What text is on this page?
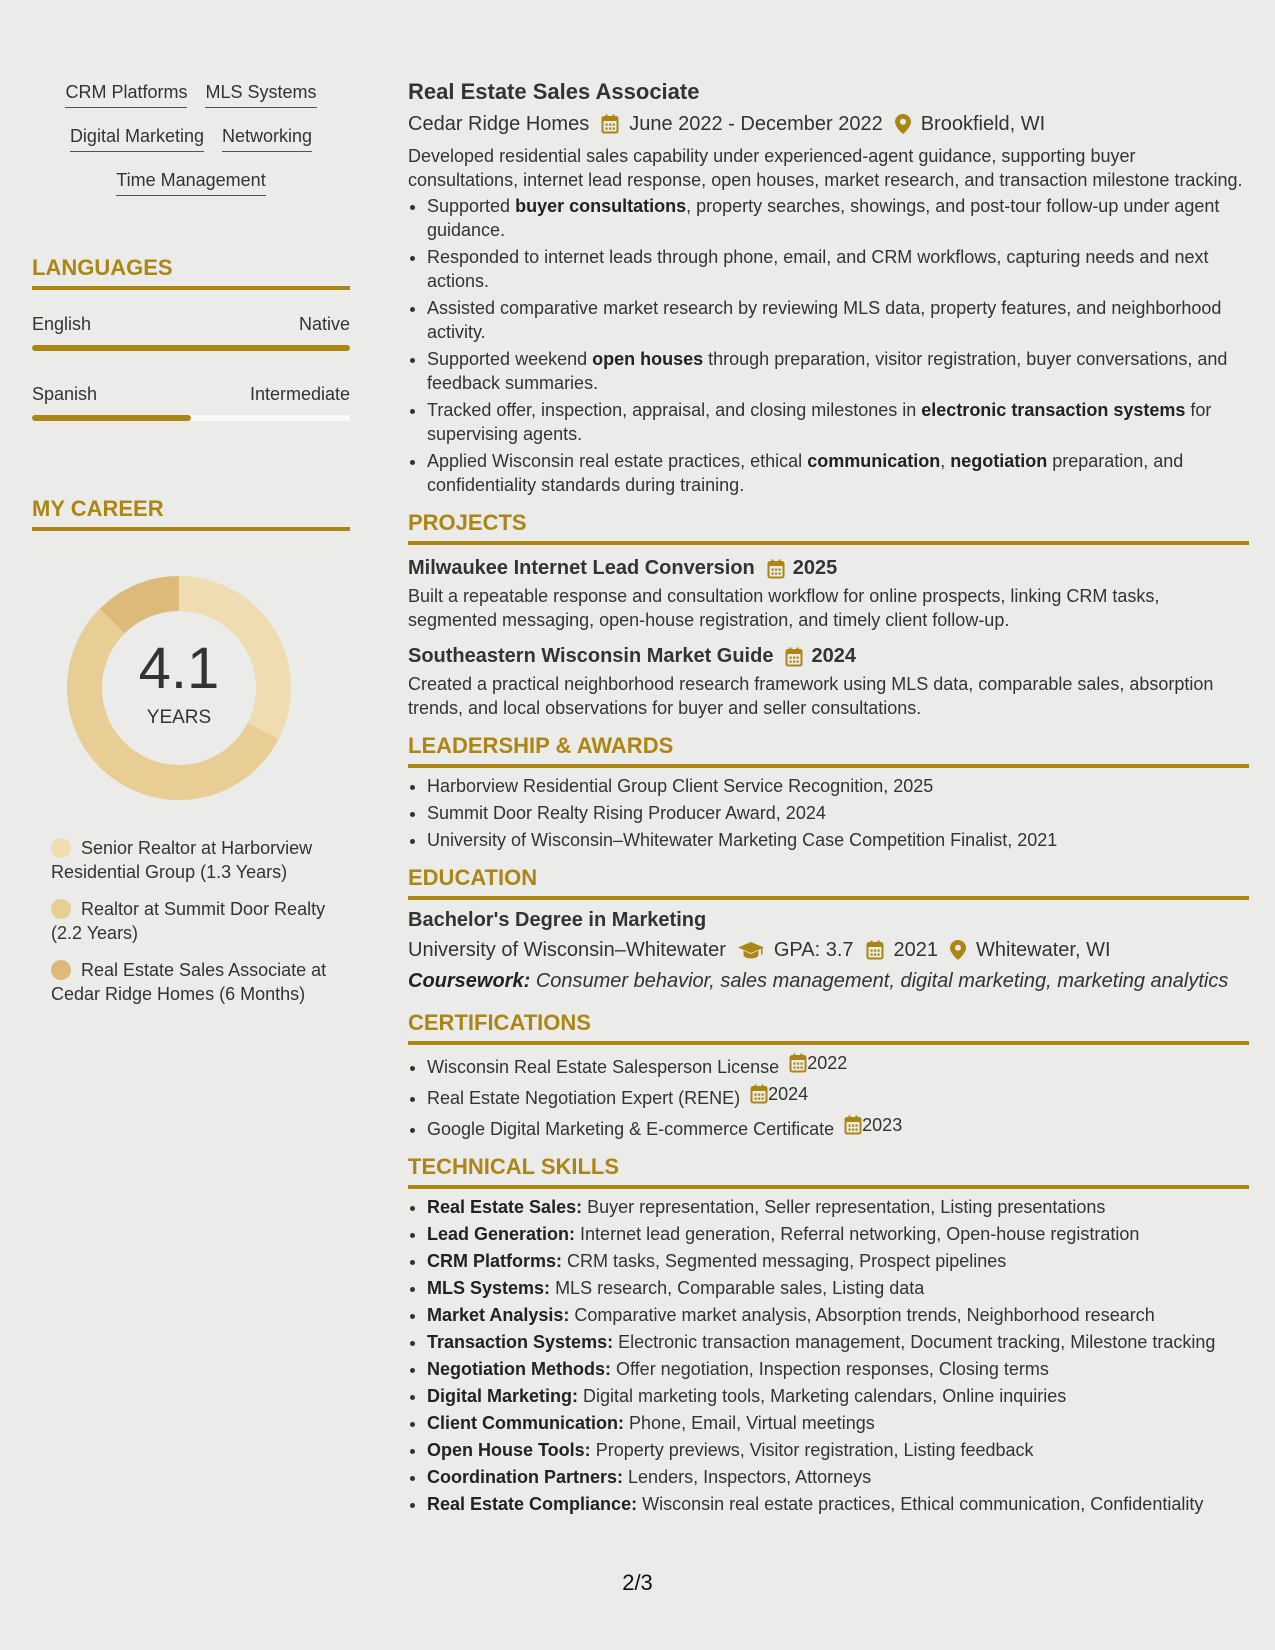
CRM Platforms MLS Systems
Digital Marketing Networking
Time Management
LANGUAGES
English	Native
Spanish	Intermediate
MY CAREER
4.1
YEARS
Senior Realtor at Harborview Residential Group (1.3 Years)
Realtor at Summit Door Realty (2.2 Years)
Real Estate Sales Associate at Cedar Ridge Homes (6 Months)
Real Estate Sales Associate
Cedar Ridge Homes June 2022 - December 2022 Brookfield, WI
Developed residential sales capability under experienced-agent guidance, supporting buyer consultations, internet lead response, open houses, market research, and transaction milestone tracking.
• Supported buyer consultations, property searches, showings, and post-tour follow-up under agent guidance.
• Responded to internet leads through phone, email, and CRM workflows, capturing needs and next actions.
• Assisted comparative market research by reviewing MLS data, property features, and neighborhood activity.
• Supported weekend open houses through preparation, visitor registration, buyer conversations, and feedback summaries.
• Tracked offer, inspection, appraisal, and closing milestones in electronic transaction systems for supervising agents.
• Applied Wisconsin real estate practices, ethical communication, negotiation preparation, and confidentiality standards during training.
PROJECTS
Milwaukee Internet Lead Conversion 2025
Built a repeatable response and consultation workflow for online prospects, linking CRM tasks, segmented messaging, open-house registration, and timely client follow-up.
Southeastern Wisconsin Market Guide 2024
Created a practical neighborhood research framework using MLS data, comparable sales, absorption trends, and local observations for buyer and seller consultations.
LEADERSHIP & AWARDS
• Harborview Residential Group Client Service Recognition, 2025
• Summit Door Realty Rising Producer Award, 2024
• University of Wisconsin–Whitewater Marketing Case Competition Finalist, 2021
EDUCATION
Bachelor's Degree in Marketing
University of Wisconsin–Whitewater GPA: 3.7 2021 Whitewater, WI
Coursework: Consumer behavior, sales management, digital marketing, marketing analytics
CERTIFICATIONS
• Wisconsin Real Estate Salesperson License 2022
• Real Estate Negotiation Expert (RENE) 2024
• Google Digital Marketing & E-commerce Certificate 2023
TECHNICAL SKILLS
• Real Estate Sales: Buyer representation, Seller representation, Listing presentations
• Lead Generation: Internet lead generation, Referral networking, Open-house registration
• CRM Platforms: CRM tasks, Segmented messaging, Prospect pipelines
• MLS Systems: MLS research, Comparable sales, Listing data
• Market Analysis: Comparative market analysis, Absorption trends, Neighborhood research
• Transaction Systems: Electronic transaction management, Document tracking, Milestone tracking
• Negotiation Methods: Offer negotiation, Inspection responses, Closing terms
• Digital Marketing: Digital marketing tools, Marketing calendars, Online inquiries
• Client Communication: Phone, Email, Virtual meetings
• Open House Tools: Property previews, Visitor registration, Listing feedback
• Coordination Partners: Lenders, Inspectors, Attorneys
• Real Estate Compliance: Wisconsin real estate practices, Ethical communication, Confidentiality
2/3
